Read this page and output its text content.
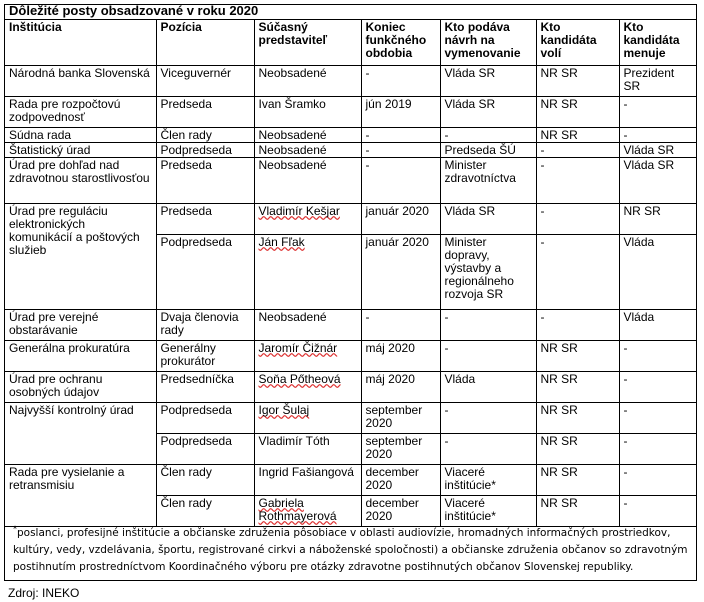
Dôležité posty obsadzované v roku 2020
Inštitúcia	Pozícia	Súčasný predstaviteľ	Koniec funkčného obdobia	Kto podáva návrh na vymenovanie	Kto kandidáta volí	Kto kandidáta menuje
Národná banka Slovenská	Viceguvernér	Neobsadené	-	Vláda SR	NR SR	Prezident SR
Rada pre rozpočtovú zodpovednosť	Predseda	Ivan Šramko	jún 2019	Vláda SR	NR SR	-
Súdna rada	Člen rady	Neobsadené	-	-	NR SR	-
Štatistický úrad	Podpredseda	Neobsadené	-	Predseda ŠÚ	-	Vláda SR
Úrad pre dohľad nad zdravotnou starostlivosťou	Predseda	Neobsadené	-	Minister zdravotníctva	-	Vláda SR
Úrad pre reguláciu elektronických komunikácií a poštových služieb	Predseda	Vladimír Kešjar	január 2020	Vláda SR	-	NR SR
	Podpredseda	Ján Fľak	január 2020	Minister dopravy, výstavby a regionálneho rozvoja SR	-	Vláda
Úrad pre verejné obstarávanie	Dvaja členovia rady	Neobsadené	-	-	-	Vláda
Generálna prokuratúra	Generálny prokurátor	Jaromír Čižnár	máj 2020	-	NR SR	-
Úrad pre ochranu osobných údajov	Predsedníčka	Soňa Pőtheová	máj 2020	Vláda	NR SR	-
Najvyšší kontrolný úrad	Podpredseda	Igor Šulaj	september 2020	-	NR SR	-
	Podpredseda	Vladimír Tóth	september 2020	-	NR SR	-
Rada pre vysielanie a retransmisiu	Člen rady	Ingrid Fašiangová	december 2020	Viaceré inštitúcie*	NR SR	-
	Člen rady	Gabriela Rothmayerová	december 2020	Viaceré inštitúcie*	NR SR	-
*poslanci, profesijné inštitúcie a občianske združenia pôsobiace v oblasti audiovízie, hromadných informačných prostriedkov, kultúry, vedy, vzdelávania, športu, registrované cirkvi a náboženské spoločnosti) a občianske združenia občanov so zdravotným postihnutím prostredníctvom Koordinačného výboru pre otázky zdravotne postihnutých občanov Slovenskej republiky.
Zdroj: INEKO
